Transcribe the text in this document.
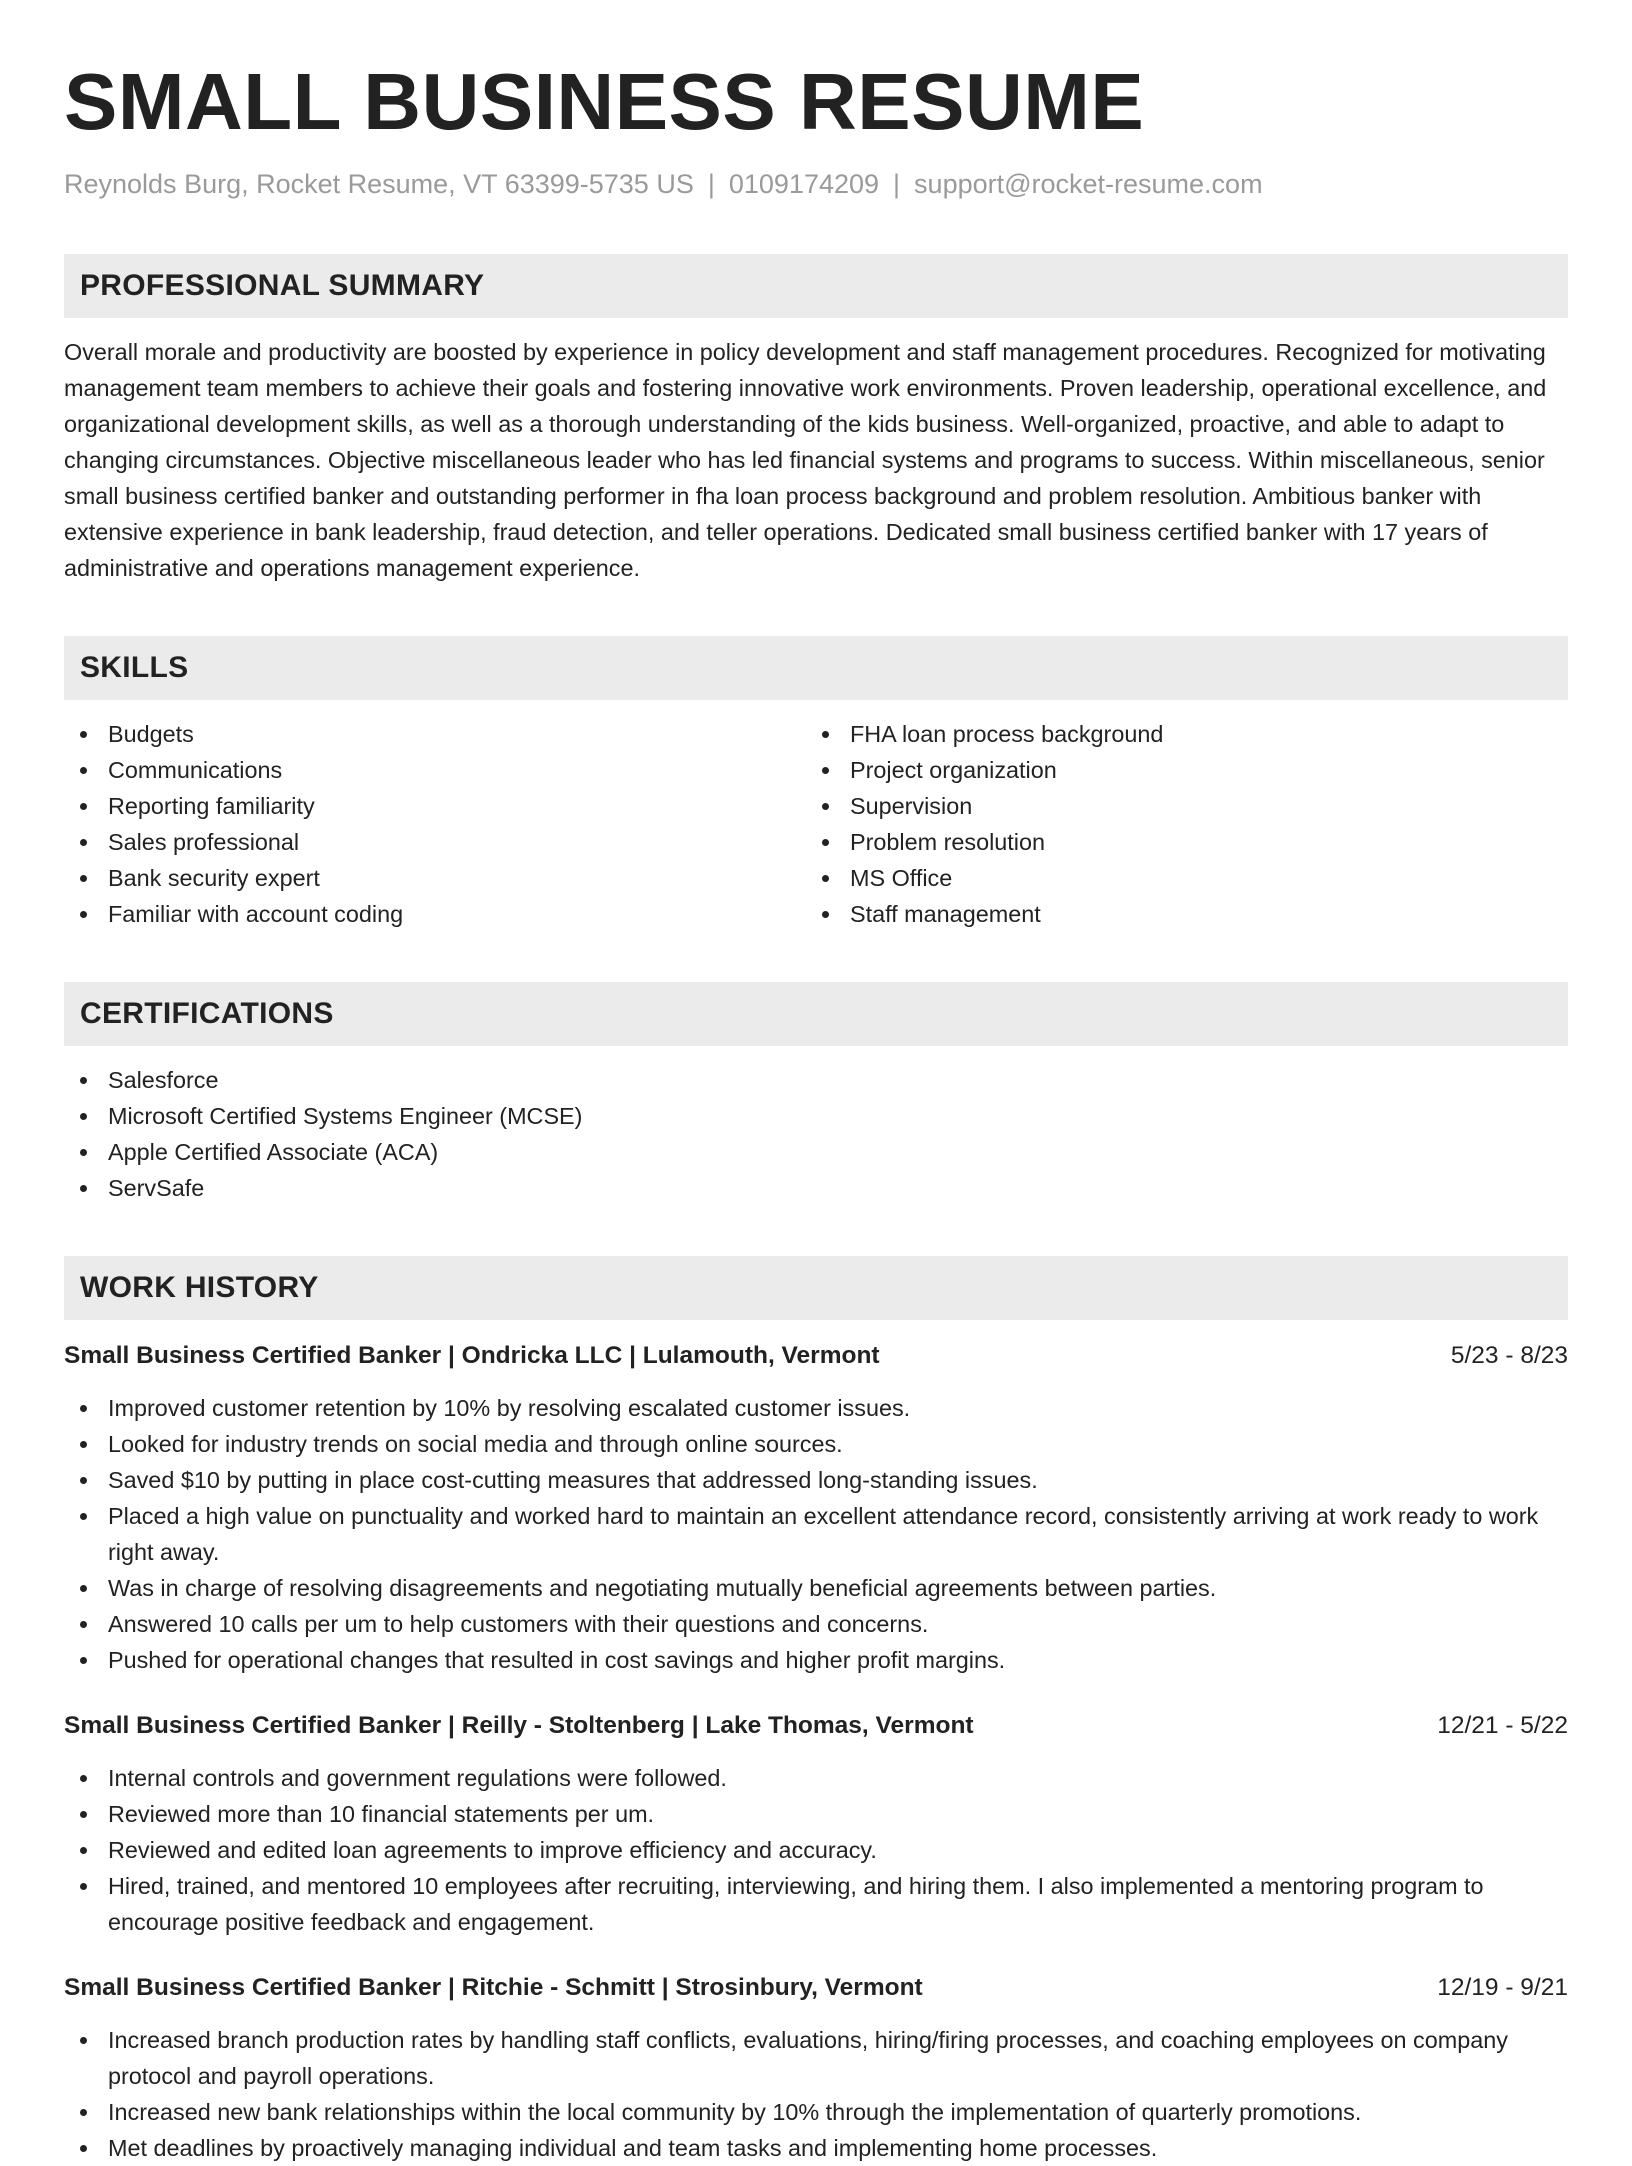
SMALL BUSINESS RESUME
Reynolds Burg, Rocket Resume, VT 63399-5735 US | 0109174209 | support@rocket-resume.com
PROFESSIONAL SUMMARY
Overall morale and productivity are boosted by experience in policy development and staff management procedures. Recognized for motivating management team members to achieve their goals and fostering innovative work environments. Proven leadership, operational excellence, and organizational development skills, as well as a thorough understanding of the kids business. Well-organized, proactive, and able to adapt to changing circumstances. Objective miscellaneous leader who has led financial systems and programs to success. Within miscellaneous, senior small business certified banker and outstanding performer in fha loan process background and problem resolution. Ambitious banker with extensive experience in bank leadership, fraud detection, and teller operations. Dedicated small business certified banker with 17 years of administrative and operations management experience.
SKILLS
Budgets
Communications
Reporting familiarity
Sales professional
Bank security expert
Familiar with account coding
FHA loan process background
Project organization
Supervision
Problem resolution
MS Office
Staff management
CERTIFICATIONS
Salesforce
Microsoft Certified Systems Engineer (MCSE)
Apple Certified Associate (ACA)
ServSafe
WORK HISTORY
Small Business Certified Banker | Ondricka LLC | Lulamouth, Vermont	5/23 - 8/23
Improved customer retention by 10% by resolving escalated customer issues.
Looked for industry trends on social media and through online sources.
Saved $10 by putting in place cost-cutting measures that addressed long-standing issues.
Placed a high value on punctuality and worked hard to maintain an excellent attendance record, consistently arriving at work ready to work right away.
Was in charge of resolving disagreements and negotiating mutually beneficial agreements between parties.
Answered 10 calls per um to help customers with their questions and concerns.
Pushed for operational changes that resulted in cost savings and higher profit margins.
Small Business Certified Banker | Reilly - Stoltenberg | Lake Thomas, Vermont	12/21 - 5/22
Internal controls and government regulations were followed.
Reviewed more than 10 financial statements per um.
Reviewed and edited loan agreements to improve efficiency and accuracy.
Hired, trained, and mentored 10 employees after recruiting, interviewing, and hiring them. I also implemented a mentoring program to encourage positive feedback and engagement.
Small Business Certified Banker | Ritchie - Schmitt | Strosinbury, Vermont	12/19 - 9/21
Increased branch production rates by handling staff conflicts, evaluations, hiring/firing processes, and coaching employees on company protocol and payroll operations.
Increased new bank relationships within the local community by 10% through the implementation of quarterly promotions.
Met deadlines by proactively managing individual and team tasks and implementing home processes.
